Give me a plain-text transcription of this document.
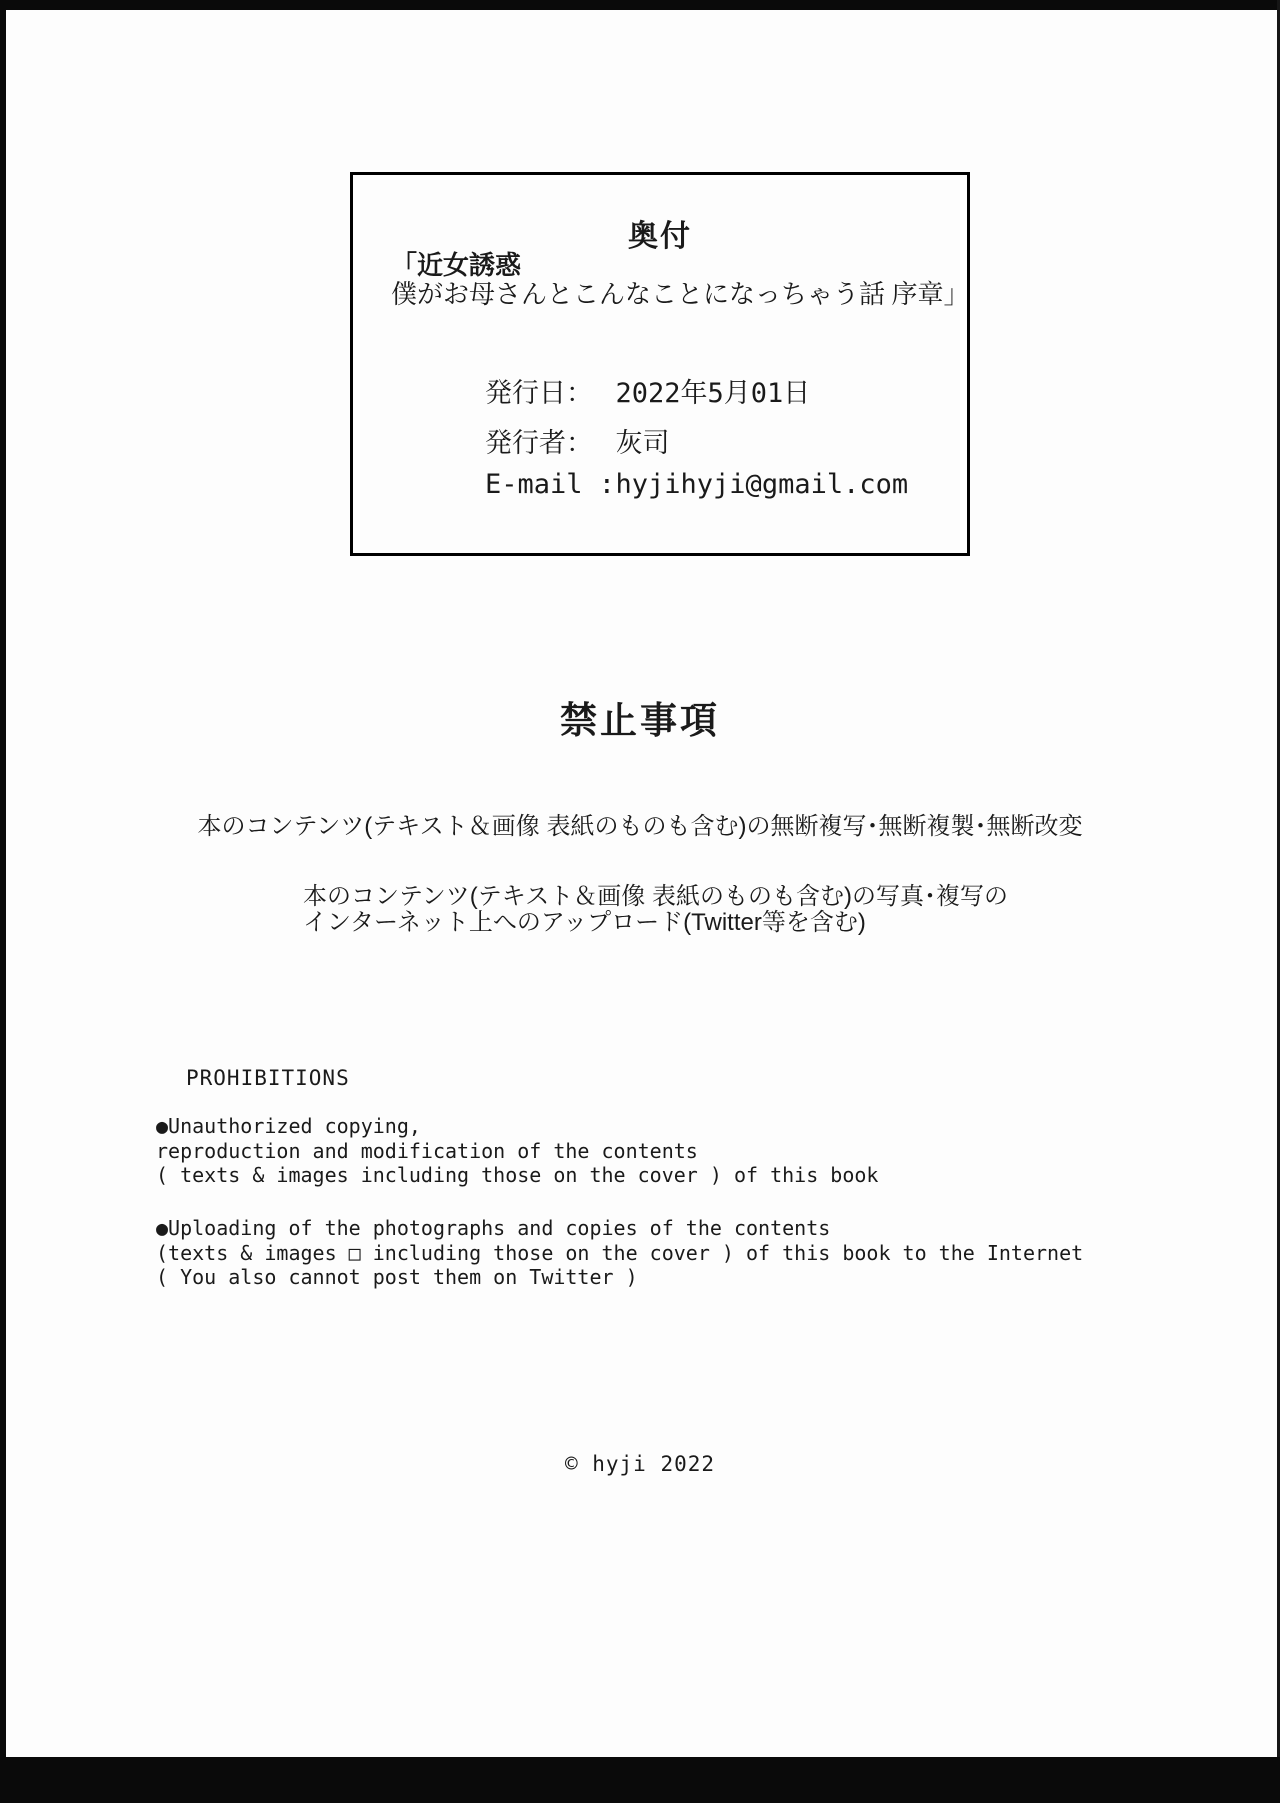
奥付
「近女誘惑
僕がお母さんとこんなことになっちゃう話 序章」
発行日： 2022年5月01日
発行者： 灰司
E-mail : hyjihyji@gmail.com
禁止事項
本のコンテンツ(テキスト＆画像 表紙のものも含む)の無断複写･無断複製･無断改変
本のコンテンツ(テキスト＆画像 表紙のものも含む)の写真･複写の
インターネット上へのアップロード(Twitter等を含む)
PROHIBITIONS
●Unauthorized copying,
reproduction and modification of the contents
( texts & images including those on the cover ) of this book
●Uploading of the photographs and copies of the contents
(texts & images □ including those on the cover ) of this book to the Internet
( You also cannot post them on Twitter )
© hyji 2022
